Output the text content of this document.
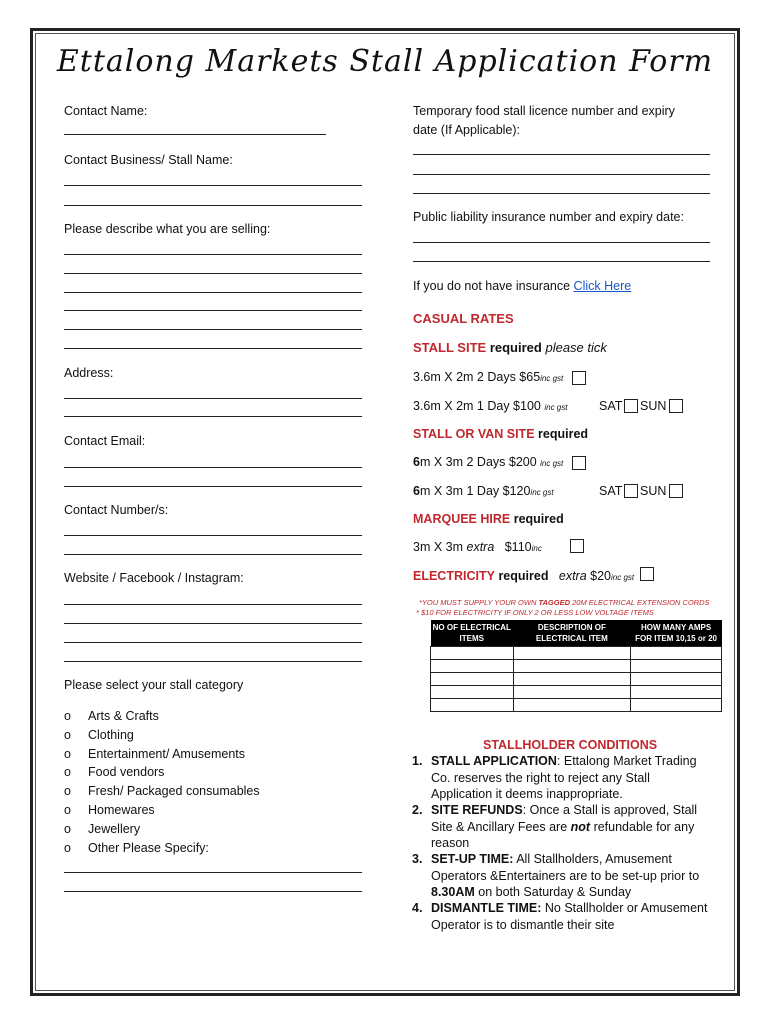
Ettalong Markets Stall Application Form
Contact Name:
Contact Business/ Stall Name:
Please describe what you are selling:
Address:
Contact Email:
Contact Number/s:
Website / Facebook / Instagram:
Please select your stall category
o Arts & Crafts
o Clothing
o Entertainment/ Amusements
o Food vendors
o Fresh/ Packaged consumables
o Homewares
o Jewellery
o Other Please Specify:
Temporary food stall licence number and expiry
date (If Applicable):
Public liability insurance number and expiry date:
If you do not have insurance Click Here
CASUAL RATES
STALL SITE required please tick
3.6m X 2m 2 Days $65inc gst
3.6m X 2m 1 Day $100 inc gst	SAT SUN
STALL OR VAN SITE required
6m X 3m 2 Days $200 inc gst
6m X 3m 1 Day $120inc gst	SAT SUN
MARQUEE HIRE required
3m X 3m extra $110inc
ELECTRICITY required extra $20inc gst
*YOU MUST SUPPLY YOUR OWN TAGGED 20M ELECTRICAL EXTENSION CORDS
* $10 FOR ELECTRICITY IF ONLY 2 OR LESS LOW VOLTAGE ITEMS
NO OF ELECTRICAL ITEMS	DESCRIPTION OF ELECTRICAL ITEM	HOW MANY AMPS FOR ITEM 10,15 or 20

STALLHOLDER CONDITIONS
1. STALL APPLICATION: Ettalong Market Trading Co. reserves the right to reject any Stall Application it deems inappropriate.
2. SITE REFUNDS: Once a Stall is approved, Stall Site & Ancillary Fees are not refundable for any reason
3. SET-UP TIME: All Stallholders, Amusement Operators &Entertainers are to be set-up prior to 8.30AM on both Saturday & Sunday
4. DISMANTLE TIME: No Stallholder or Amusement Operator is to dismantle their site
